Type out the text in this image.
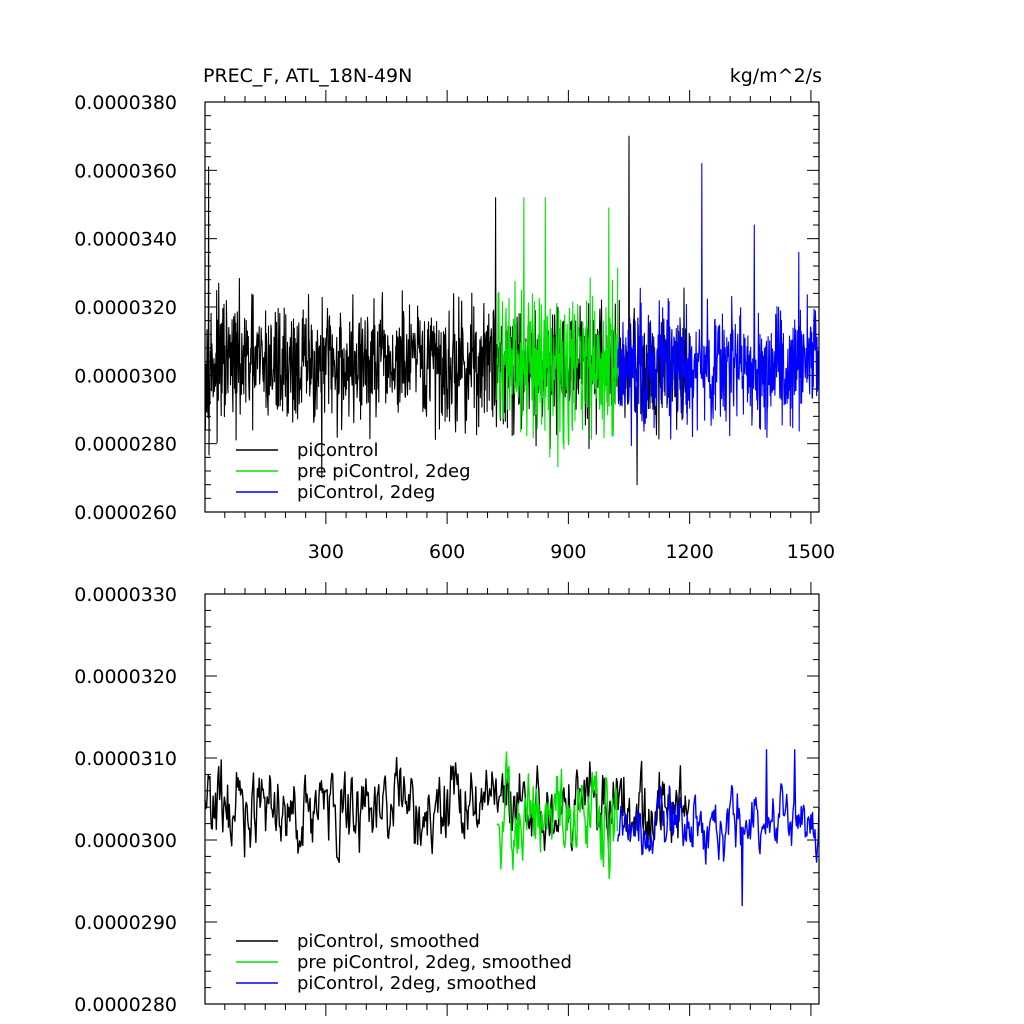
PREC_F, ATL_18N-49N	kg/m^2/s
0.0000260
0.0000280
0.0000300
0.0000320
0.0000340
0.0000360
0.0000380
300	600	900	1200	1500
piControl
pre piControl, 2deg
piControl, 2deg
0.0000280
0.0000290
0.0000300
0.0000310
0.0000320
0.0000330
piControl, smoothed
pre piControl, 2deg, smoothed
piControl, 2deg, smoothed
